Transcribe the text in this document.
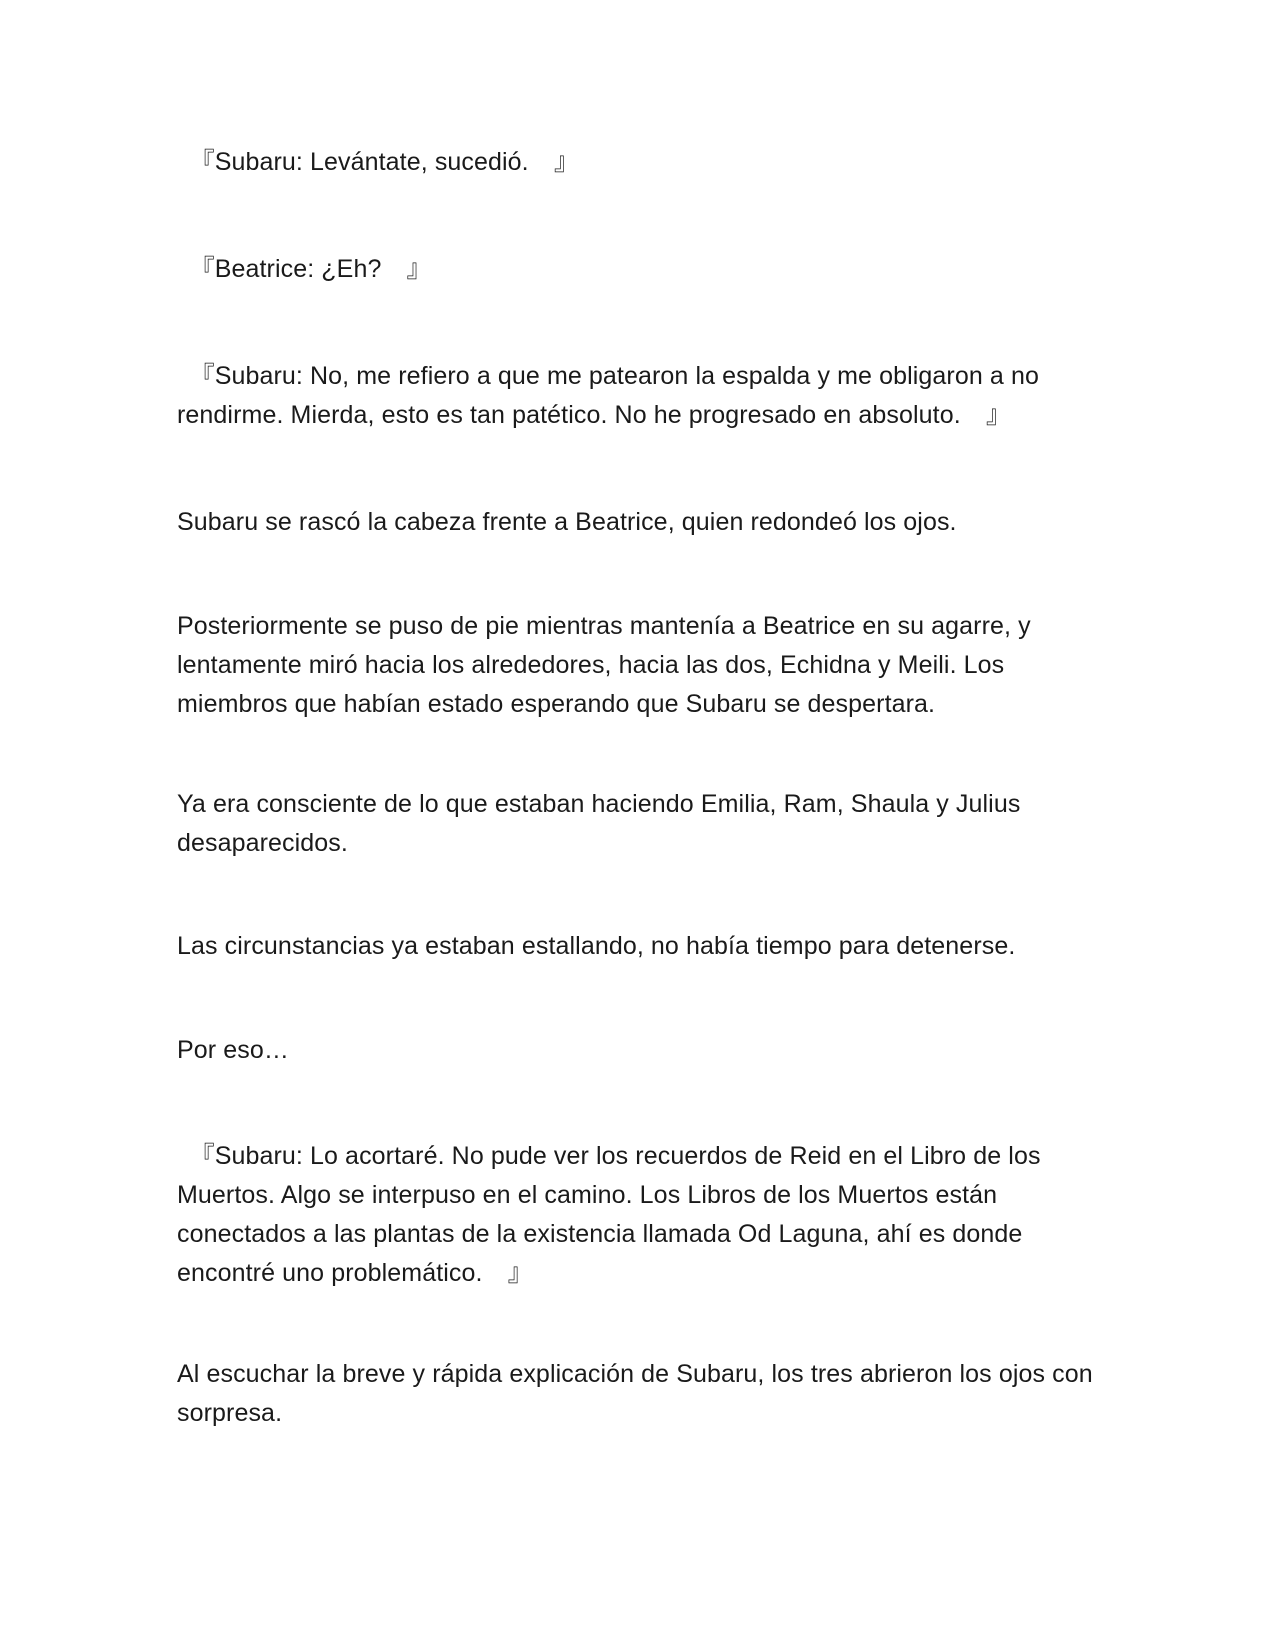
　『Subaru: Levántate, sucedió.　』

　『Beatrice: ¿Eh?　』

　『Subaru: No, me refiero a que me patearon la espalda y me obligaron a no rendirme. Mierda, esto es tan patético. No he progresado en absoluto.　』

Subaru se rascó la cabeza frente a Beatrice, quien redondeó los ojos.

Posteriormente se puso de pie mientras mantenía a Beatrice en su agarre, y lentamente miró hacia los alrededores, hacia las dos, Echidna y Meili. Los miembros que habían estado esperando que Subaru se despertara.

Ya era consciente de lo que estaban haciendo Emilia, Ram, Shaula y Julius desaparecidos.

Las circunstancias ya estaban estallando, no había tiempo para detenerse.

Por eso…

　『Subaru: Lo acortaré. No pude ver los recuerdos de Reid en el Libro de los Muertos. Algo se interpuso en el camino. Los Libros de los Muertos están conectados a las plantas de la existencia llamada Od Laguna, ahí es donde encontré uno problemático.　』

Al escuchar la breve y rápida explicación de Subaru, los tres abrieron los ojos con sorpresa.
